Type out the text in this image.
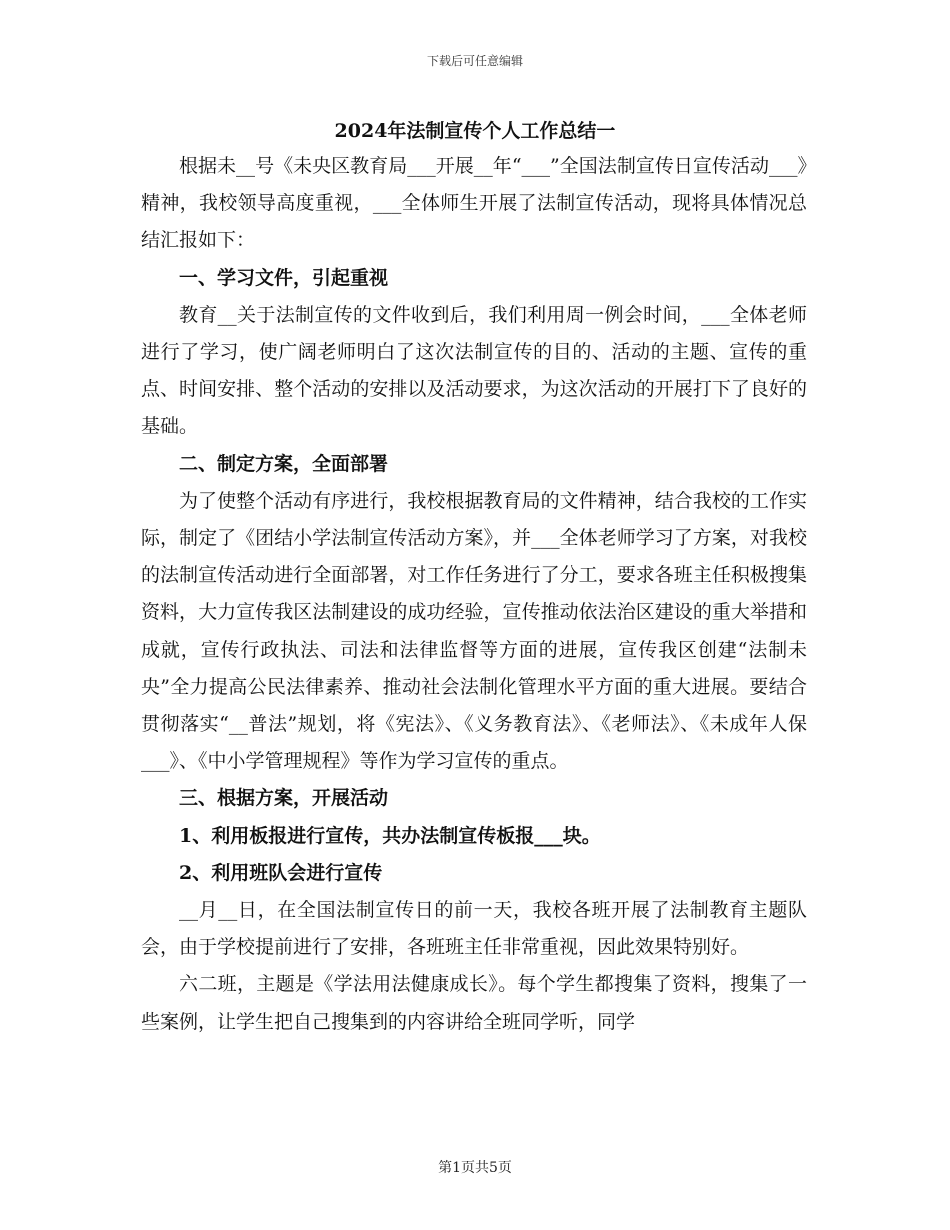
下载后可任意编辑
2024年法制宣传个人工作总结一

根据未__号《未央区教育局___开展__年“___”全国法制宣传日宣传活动___》精神，我校领导高度重视，___全体师生开展了法制宣传活动，现将具体情况总结汇报如下：

一、学习文件，引起重视

教育__关于法制宣传的文件收到后，我们利用周一例会时间，___全体老师进行了学习，使广阔老师明白了这次法制宣传的目的、活动的主题、宣传的重点、时间安排、整个活动的安排以及活动要求，为这次活动的开展打下了良好的基础。

二、制定方案，全面部署

为了使整个活动有序进行，我校根据教育局的文件精神，结合我校的工作实际，制定了《团结小学法制宣传活动方案》，并___全体老师学习了方案，对我校的法制宣传活动进行全面部署，对工作任务进行了分工，要求各班主任积极搜集资料，大力宣传我区法制建设的成功经验，宣传推动依法治区建设的重大举措和成就，宣传行政执法、司法和法律监督等方面的进展，宣传我区创建“法制未央”全力提高公民法律素养、推动社会法制化管理水平方面的重大进展。要结合贯彻落实“__普法”规划，将《宪法》、《义务教育法》、《老师法》、《未成年人保___》、《中小学管理规程》等作为学习宣传的重点。

三、根据方案，开展活动

1、利用板报进行宣传，共办法制宣传板报___块。

2、利用班队会进行宣传

__月__日，在全国法制宣传日的前一天，我校各班开展了法制教育主题队会，由于学校提前进行了安排，各班班主任非常重视，因此效果特别好。

六二班，主题是《学法用法健康成长》。每个学生都搜集了资料，搜集了一些案例，让学生把自己搜集到的内容讲给全班同学听，同学

第1页共5页
